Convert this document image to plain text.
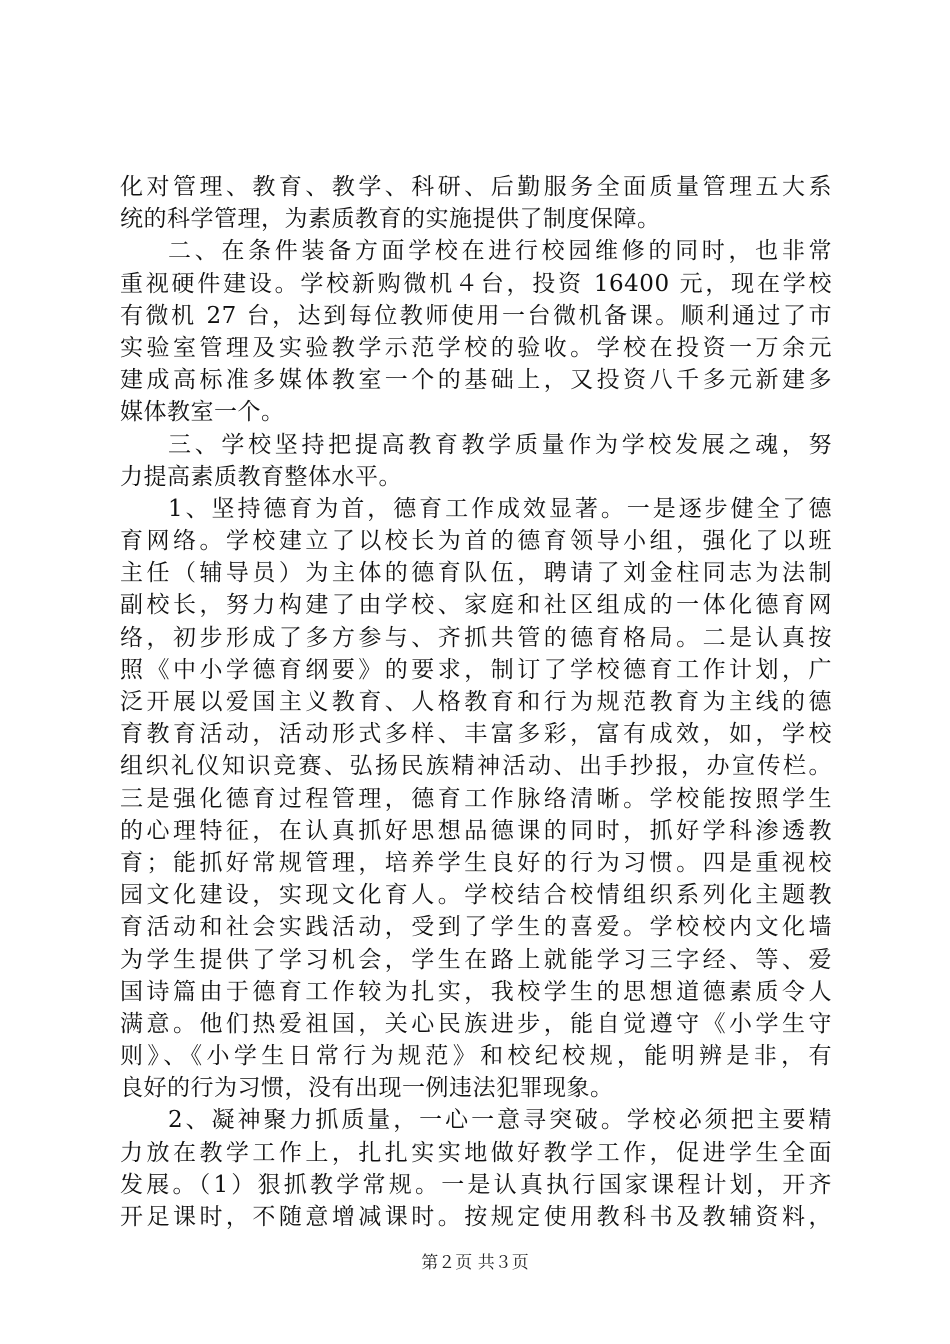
化对管理、教育、教学、科研、后勤服务全面质量管理五大系
统的科学管理，为素质教育的实施提供了制度保障。
二、在条件装备方面学校在进行校园维修的同时，也非常
重视硬件建设。学校新购微机４台，投资 16400 元，现在学校
有微机 27 台，达到每位教师使用一台微机备课。顺利通过了市
实验室管理及实验教学示范学校的验收。学校在投资一万余元
建成高标准多媒体教室一个的基础上，又投资八千多元新建多
媒体教室一个。
三、学校坚持把提高教育教学质量作为学校发展之魂，努
力提高素质教育整体水平。
1、坚持德育为首，德育工作成效显著。一是逐步健全了德
育网络。学校建立了以校长为首的德育领导小组，强化了以班
主任（辅导员）为主体的德育队伍，聘请了刘金柱同志为法制
副校长，努力构建了由学校、家庭和社区组成的一体化德育网
络，初步形成了多方参与、齐抓共管的德育格局。二是认真按
照《中小学德育纲要》的要求，制订了学校德育工作计划，广
泛开展以爱国主义教育、人格教育和行为规范教育为主线的德
育教育活动，活动形式多样、丰富多彩，富有成效，如，学校
组织礼仪知识竞赛、弘扬民族精神活动、出手抄报，办宣传栏。
三是强化德育过程管理，德育工作脉络清晰。学校能按照学生
的心理特征，在认真抓好思想品德课的同时，抓好学科渗透教
育；能抓好常规管理，培养学生良好的行为习惯。四是重视校
园文化建设，实现文化育人。学校结合校情组织系列化主题教
育活动和社会实践活动，受到了学生的喜爱。学校校内文化墙
为学生提供了学习机会，学生在路上就能学习三字经、等、爱
国诗篇由于德育工作较为扎实，我校学生的思想道德素质令人
满意。他们热爱祖国，关心民族进步，能自觉遵守《小学生守
则》、《小学生日常行为规范》和校纪校规，能明辨是非，有
良好的行为习惯，没有出现一例违法犯罪现象。
2、凝神聚力抓质量，一心一意寻突破。学校必须把主要精
力放在教学工作上，扎扎实实地做好教学工作，促进学生全面
发展。（1）狠抓教学常规。一是认真执行国家课程计划，开齐
开足课时，不随意增减课时。按规定使用教科书及教辅资料，
第２页 共３页
